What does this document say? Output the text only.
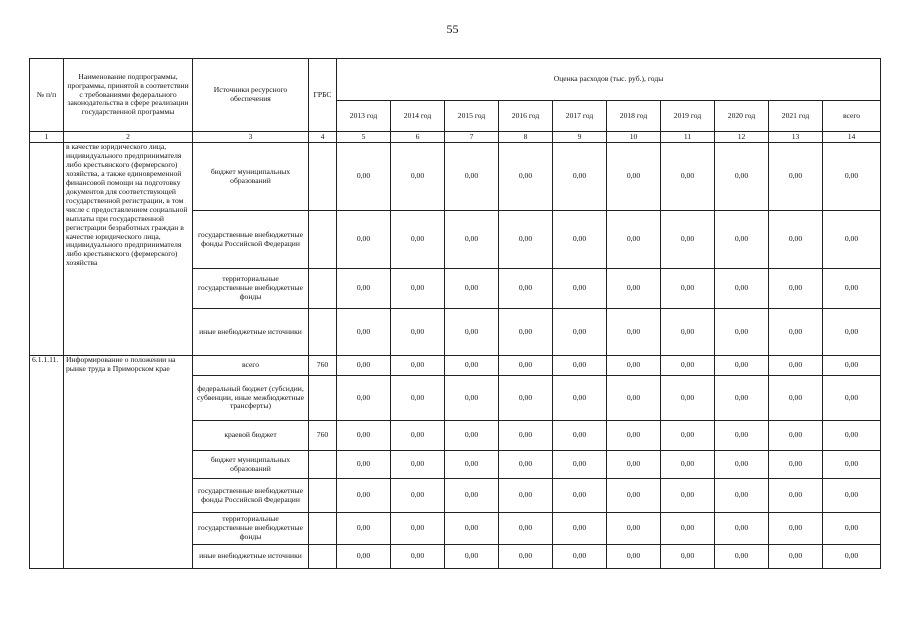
55
№ п/п	Наименование подпрограммы, программы, принятой в соответствии с требованиями федерального законодательства в сфере реализации государственной программы	Источники ресурсного обеспечения	ГРБС	Оценка расходов (тыс. руб.), годы									
				2013 год	2014 год	2015 год	2016 год	2017 год	2018 год	2019 год	2020 год	2021 год	всего
1	2	3	4	5	6	7	8	9	10	11	12	13	14
	в качестве юридического лица, индивидуального предпринимателя либо крестьянского (фермерского) хозяйства, а также единовременной финансовой помощи на подготовку документов для соответствующей государственной регистрации, в том числе с предоставлением социальной выплаты при государственной регистрации безработных граждан в качестве юридического лица, индивидуального предпринимателя либо крестьянского (фермерского) хозяйства	бюджет муниципальных образований		0,00	0,00	0,00	0,00	0,00	0,00	0,00	0,00	0,00	0,00
		государственные внебюджетные фонды Российской Федерации		0,00	0,00	0,00	0,00	0,00	0,00	0,00	0,00	0,00	0,00
		территориальные государственные внебюджетные фонды		0,00	0,00	0,00	0,00	0,00	0,00	0,00	0,00	0,00	0,00
		иные внебюджетные источники		0,00	0,00	0,00	0,00	0,00	0,00	0,00	0,00	0,00	0,00
6.1.1.11.	Информирование о положении на рынке труда в Приморском крае	всего	760	0,00	0,00	0,00	0,00	0,00	0,00	0,00	0,00	0,00	0,00
		федеральный бюджет (субсидии, субвенции, иные межбюджетные трансферты)		0,00	0,00	0,00	0,00	0,00	0,00	0,00	0,00	0,00	0,00
		краевой бюджет	760	0,00	0,00	0,00	0,00	0,00	0,00	0,00	0,00	0,00	0,00
		бюджет муниципальных образований		0,00	0,00	0,00	0,00	0,00	0,00	0,00	0,00	0,00	0,00
		государственные внебюджетные фонды Российской Федерации		0,00	0,00	0,00	0,00	0,00	0,00	0,00	0,00	0,00	0,00
		территориальные государственные внебюджетные фонды		0,00	0,00	0,00	0,00	0,00	0,00	0,00	0,00	0,00	0,00
		иные внебюджетные источники		0,00	0,00	0,00	0,00	0,00	0,00	0,00	0,00	0,00	0,00
